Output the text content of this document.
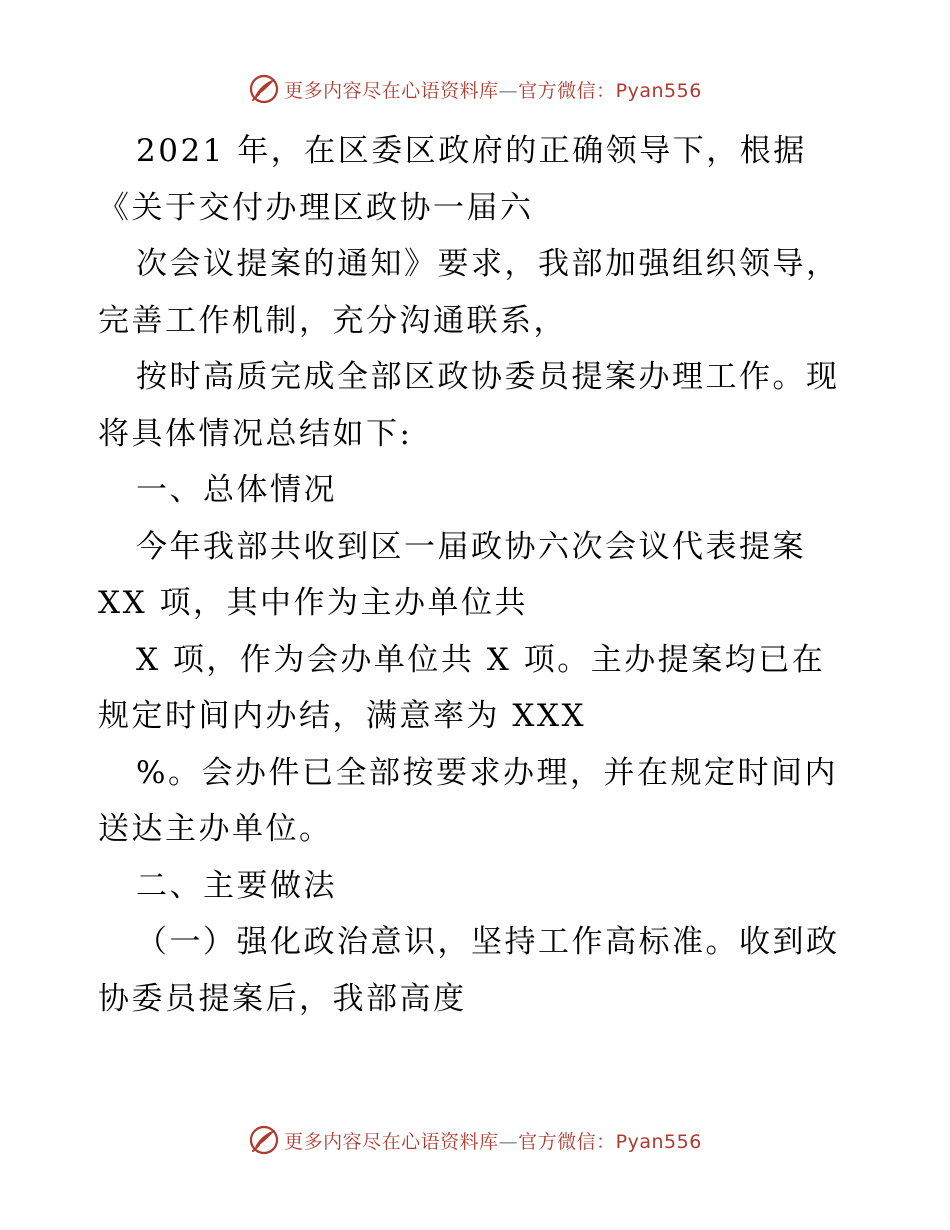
更多内容尽在心语资料库—官方微信：Pyan556
2021 年，在区委区政府的正确领导下，根据
《关于交付办理区政协一届六
次会议提案的通知》要求，我部加强组织领导，
完善工作机制，充分沟通联系，
按时高质完成全部区政协委员提案办理工作。现
将具体情况总结如下:
一、总体情况
今年我部共收到区一届政协六次会议代表提案
XX 项，其中作为主办单位共
X 项，作为会办单位共 X 项。主办提案均已在
规定时间内办结，满意率为 XXX
%。会办件已全部按要求办理，并在规定时间内
送达主办单位。
二、主要做法
（一）强化政治意识，坚持工作高标准。收到政
协委员提案后，我部高度
更多内容尽在心语资料库—官方微信：Pyan556
